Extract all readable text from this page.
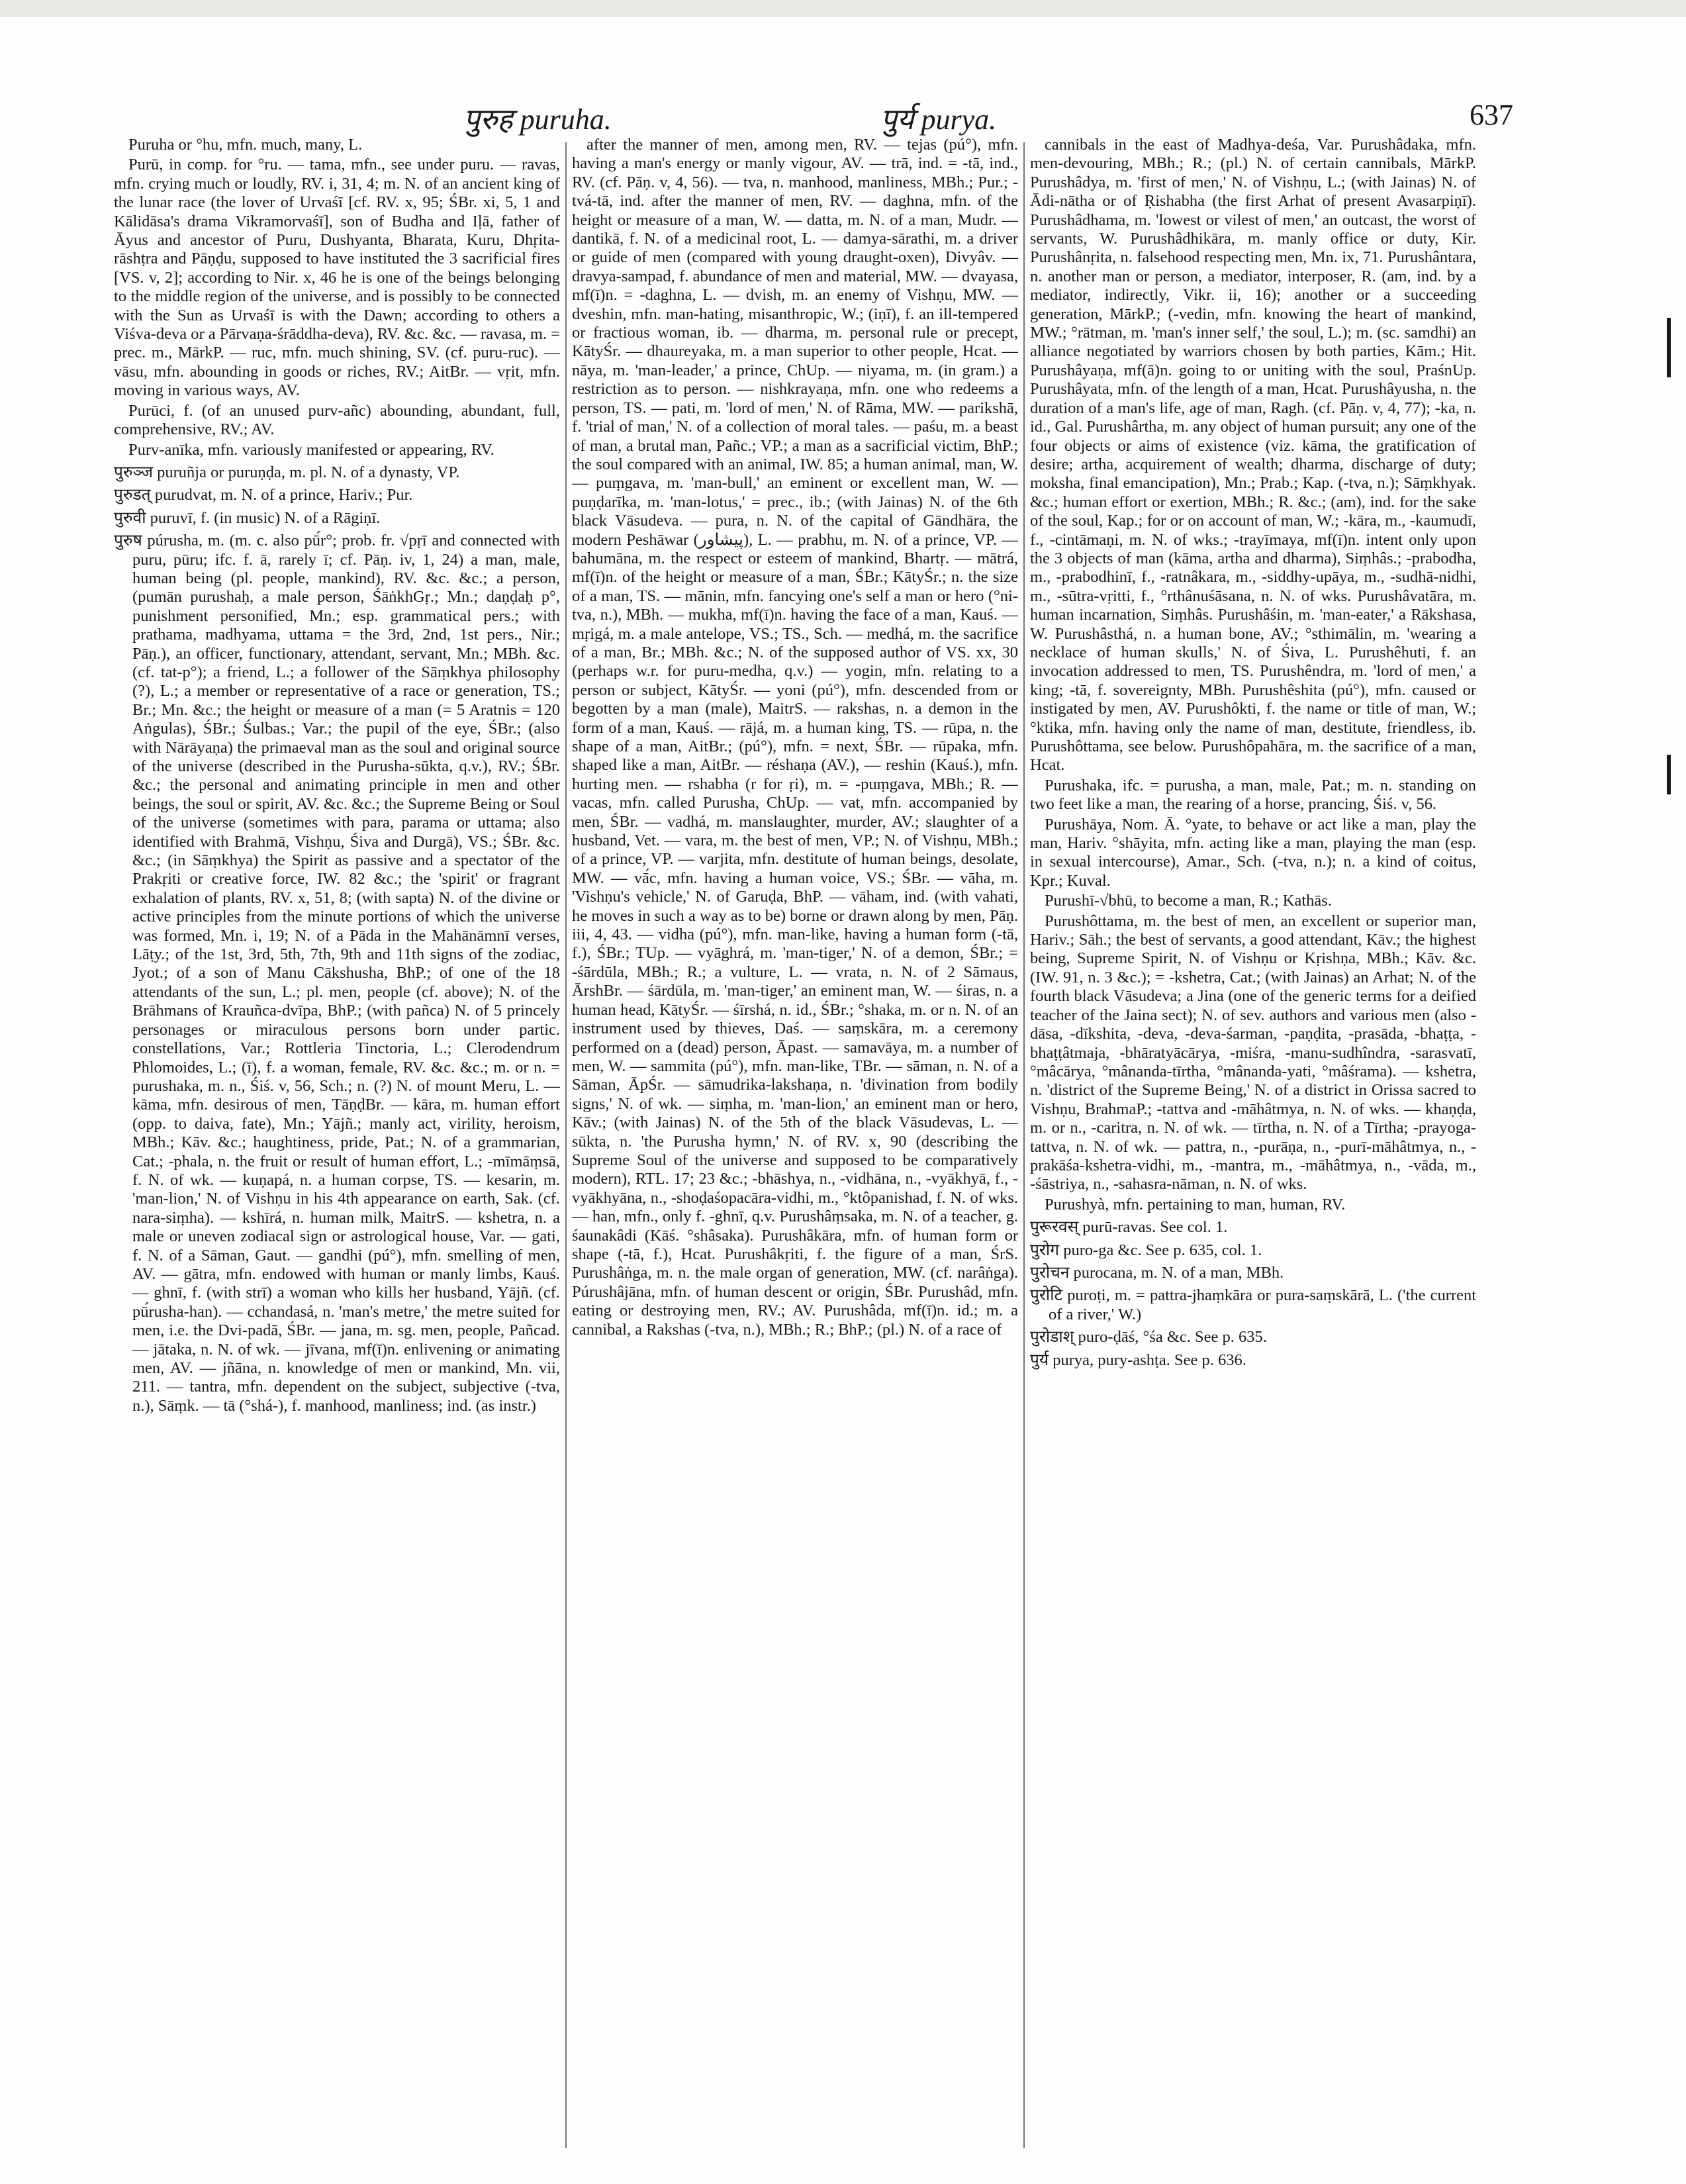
पुरुह puruha.	पुर्य purya.	637

Puruha or °hu, mfn. much, many, L.

Purū, in comp. for °ru. — tama, mfn., see under puru. — ravas, mfn. crying much or loudly, RV. i, 31, 4; m. N. of an ancient king of the lunar race (the lover of Urvaśī [cf. RV. x, 95; ŚBr. xi, 5, 1 and Kālidāsa's drama Vikramorvaśī], son of Budha and Iḷā, father of Āyus and ancestor of Puru, Dushyanta, Bharata, Kuru, Dhṛita-rāshṭra and Pāṇḍu, supposed to have instituted the 3 sacrificial fires [VS. v, 2]; according to Nir. x, 46 he is one of the beings belonging to the middle region of the universe, and is possibly to be connected with the Sun as Urvaśī is with the Dawn; according to others a Viśva-deva or a Pārvaṇa-śrāddha-deva), RV. &c. &c. — ravasa, m. = prec. m., MārkP. — ruc, mfn. much shining, SV. (cf. puru-ruc). — vāsu, mfn. abounding in goods or riches, RV.; AitBr. — vṛit, mfn. moving in various ways, AV.

Purūci, f. (of an unused purv-añc) abounding, abundant, full, comprehensive, RV.; AV.

Purv-anīka, mfn. variously manifested or appearing, RV.

पुरुञ्ज puruñja or puruṇḍa, m. pl. N. of a dynasty, VP.

पुरुडत् purudvat, m. N. of a prince, Hariv.; Pur.

पुरुवी puruvī, f. (in music) N. of a Rāgiṇī.

पुरुष púrusha, m. (m. c. also pū́r°; prob. fr. √pṛī and connected with puru, pūru; ifc. f. ā, rarely ī; cf. Pāṇ. iv, 1, 24) a man, male, human being (pl. people, mankind), RV. &c. &c.; a person, (pumān purushaḥ, a male person, ŚāṅkhGṛ.; Mn.; daṇḍaḥ p°, punishment personified, Mn.; esp. grammatical pers.; with prathama, madhyama, uttama = the 3rd, 2nd, 1st pers., Nir.; Pāṇ.), an officer, functionary, attendant, servant, Mn.; MBh. &c. (cf. tat-p°); a friend, L.; a follower of the Sāṃkhya philosophy (?), L.; a member or representative of a race or generation, TS.; Br.; Mn. &c.; the height or measure of a man (= 5 Aratnis = 120 Aṅgulas), ŚBr.; Śulbas.; Var.; the pupil of the eye, ŚBr.; (also with Nārāyaṇa) the primaeval man as the soul and original source of the universe (described in the Purusha-sūkta, q.v.), RV.; ŚBr. &c.; the personal and animating principle in men and other beings, the soul or spirit, AV. &c. &c.; the Supreme Being or Soul of the universe (sometimes with para, parama or uttama; also identified with Brahmā, Vishṇu, Śiva and Durgā), VS.; ŚBr. &c. &c.; (in Sāṃkhya) the Spirit as passive and a spectator of the Prakṛiti or creative force, IW. 82 &c.; the 'spirit' or fragrant exhalation of plants, RV. x, 51, 8; (with sapta) N. of the divine or active principles from the minute portions of which the universe was formed, Mn. i, 19; N. of a Pāda in the Mahānāmnī verses, Lāṭy.; of the 1st, 3rd, 5th, 7th, 9th and 11th signs of the zodiac, Jyot.; of a son of Manu Cākshusha, BhP.; of one of the 18 attendants of the sun, L.; pl. men, people (cf. above); N. of the Brāhmans of Krauñca-dvīpa, BhP.; (with pañca) N. of 5 princely personages or miraculous persons born under partic. constellations, Var.; Rottleria Tinctoria, L.; Clerodendrum Phlomoides, L.; (ī), f. a woman, female, RV. &c. &c.; m. or n. = purushaka, m. n., Śiś. v, 56, Sch.; n. (?) N. of mount Meru, L. — kāma, mfn. desirous of men, TāṇḍBr. — kāra, m. human effort (opp. to daiva, fate), Mn.; Yājñ.; manly act, virility, heroism, MBh.; Kāv. &c.; haughtiness, pride, Pat.; N. of a grammarian, Cat.; -phala, n. the fruit or result of human effort, L.; -mīmāṃsā, f. N. of wk. — kuṇapá, n. a human corpse, TS. — kesarin, m. 'man-lion,' N. of Vishṇu in his 4th appearance on earth, Sak. (cf. nara-siṃha). — kshīrá, n. human milk, MaitrS. — kshetra, n. a male or uneven zodiacal sign or astrological house, Var. — gati, f. N. of a Sāman, Gaut. — gandhi (pú°), mfn. smelling of men, AV. — gātra, mfn. endowed with human or manly limbs, Kauś. — ghnī, f. (with strī) a woman who kills her husband, Yājñ. (cf. pū́rusha-han). — cchandasá, n. 'man's metre,' the metre suited for men, i.e. the Dvi-padā, ŚBr. — jana, m. sg. men, people, Pañcad. — jātaka, n. N. of wk. — jīvana, mf(ī)n. enlivening or animating men, AV. — jñāna, n. knowledge of men or mankind, Mn. vii, 211. — tantra, mfn. dependent on the subject, subjective (-tva, n.), Sāṃk. — tā (°shá-), f. manhood, manliness; ind. (as instr.)

after the manner of men, among men, RV. — tejas (pú°), mfn. having a man's energy or manly vigour, AV. — trā, ind. = -tā, ind., RV. (cf. Pāṇ. v, 4, 56). — tva, n. manhood, manliness, MBh.; Pur.; -tvá-tā, ind. after the manner of men, RV. — daghna, mfn. of the height or measure of a man, W. — datta, m. N. of a man, Mudr. — dantikā, f. N. of a medicinal root, L. — damya-sārathi, m. a driver or guide of men (compared with young draught-oxen), Divyâv. — dravya-sampad, f. abundance of men and material, MW. — dvayasa, mf(ī)n. = -daghna, L. — dvish, m. an enemy of Vishṇu, MW. — dveshin, mfn. man-hating, misanthropic, W.; (iṇī), f. an ill-tempered or fractious woman, ib. — dharma, m. personal rule or precept, KātyŚr. — dhaureyaka, m. a man superior to other people, Hcat. — nāya, m. 'man-leader,' a prince, ChUp. — niyama, m. (in gram.) a restriction as to person. — nishkrayaṇa, mfn. one who redeems a person, TS. — pati, m. 'lord of men,' N. of Rāma, MW. — parikshā, f. 'trial of man,' N. of a collection of moral tales. — paśu, m. a beast of man, a brutal man, Pañc.; VP.; a man as a sacrificial victim, BhP.; the soul compared with an animal, IW. 85; a human animal, man, W. — puṃgava, m. 'man-bull,' an eminent or excellent man, W. — puṇḍarīka, m. 'man-lotus,' = prec., ib.; (with Jainas) N. of the 6th black Vāsudeva. — pura, n. N. of the capital of Gāndhāra, the modern Peshāwar (پیشاور), L. — prabhu, m. N. of a prince, VP. — bahumāna, m. the respect or esteem of mankind, Bhartṛ. — mātrá, mf(ī)n. of the height or measure of a man, ŚBr.; KātyŚr.; n. the size of a man, TS. — mānin, mfn. fancying one's self a man or hero (°ni-tva, n.), MBh. — mukha, mf(ī)n. having the face of a man, Kauś. — mṛigá, m. a male antelope, VS.; TS., Sch. — medhá, m. the sacrifice of a man, Br.; MBh. &c.; N. of the supposed author of VS. xx, 30 (perhaps w.r. for puru-medha, q.v.) — yogin, mfn. relating to a person or subject, KātyŚr. — yoni (pú°), mfn. descended from or begotten by a man (male), MaitrS. — rakshas, n. a demon in the form of a man, Kauś. — rājá, m. a human king, TS. — rūpa, n. the shape of a man, AitBr.; (pú°), mfn. = next, ŚBr. — rūpaka, mfn. shaped like a man, AitBr. — réshaṇa (AV.), — reshin (Kauś.), mfn. hurting men. — rshabha (r for ṛi), m. = -puṃgava, MBh.; R. — vacas, mfn. called Purusha, ChUp. — vat, mfn. accompanied by men, ŚBr. — vadhá, m. manslaughter, murder, AV.; slaughter of a husband, Vet. — vara, m. the best of men, VP.; N. of Vishṇu, MBh.; of a prince, VP. — varjita, mfn. destitute of human beings, desolate, MW. — vā́c, mfn. having a human voice, VS.; ŚBr. — vāha, m. 'Vishṇu's vehicle,' N. of Garuḍa, BhP. — vāham, ind. (with vahati, he moves in such a way as to be) borne or drawn along by men, Pāṇ. iii, 4, 43. — vidha (pú°), mfn. man-like, having a human form (-tā, f.), ŚBr.; TUp. — vyāghrá, m. 'man-tiger,' N. of a demon, ŚBr.; = -śārdūla, MBh.; R.; a vulture, L. — vrata, n. N. of 2 Sāmaus, ĀrshBr. — śārdūla, m. 'man-tiger,' an eminent man, W. — śiras, n. a human head, KātyŚr. — śīrshá, n. id., ŚBr.; °shaka, m. or n. N. of an instrument used by thieves, Daś. — saṃskāra, m. a ceremony performed on a (dead) person, Āpast. — samavāya, m. a number of men, W. — sammita (pú°), mfn. man-like, TBr. — sāman, n. N. of a Sāman, ĀpŚr. — sāmudrika-lakshaṇa, n. 'divination from bodily signs,' N. of wk. — siṃha, m. 'man-lion,' an eminent man or hero, Kāv.; (with Jainas) N. of the 5th of the black Vāsudevas, L. — sūkta, n. 'the Purusha hymn,' N. of RV. x, 90 (describing the Supreme Soul of the universe and supposed to be comparatively modern), RTL. 17; 23 &c.; -bhāshya, n., -vidhāna, n., -vyākhyā, f., -vyākhyāna, n., -shoḍaśopacāra-vidhi, m., °ktôpanishad, f. N. of wks. — han, mfn., only f. -ghnī, q.v. Purushâṃsaka, m. N. of a teacher, g. śaunakâdi (Kāś. °shâsaka). Purushâkāra, mfn. of human form or shape (-tā, f.), Hcat. Purushâkṛiti, f. the figure of a man, ŚrS. Purushâṅga, m. n. the male organ of generation, MW. (cf. narâṅga). Púrushâjāna, mfn. of human descent or origin, ŚBr. Purushâd, mfn. eating or destroying men, RV.; AV. Purushâda, mf(ī)n. id.; m. a cannibal, a Rakshas (-tva, n.), MBh.; R.; BhP.; (pl.) N. of a race of

cannibals in the east of Madhya-deśa, Var. Purushâdaka, mfn. men-devouring, MBh.; R.; (pl.) N. of certain cannibals, MārkP. Purushâdya, m. 'first of men,' N. of Vishṇu, L.; (with Jainas) N. of Ādi-nātha or of Ṛishabha (the first Arhat of present Avasarpiṇī). Purushâdhama, m. 'lowest or vilest of men,' an outcast, the worst of servants, W. Purushâdhikāra, m. manly office or duty, Kir. Purushânṛita, n. falsehood respecting men, Mn. ix, 71. Purushântara, n. another man or person, a mediator, interposer, R. (am, ind. by a mediator, indirectly, Vikr. ii, 16); another or a succeeding generation, MārkP.; (-vedin, mfn. knowing the heart of mankind, MW.; °rātman, m. 'man's inner self,' the soul, L.); m. (sc. samdhi) an alliance negotiated by warriors chosen by both parties, Kām.; Hit. Purushâyaṇa, mf(ā)n. going to or uniting with the soul, PraśnUp. Purushâyata, mfn. of the length of a man, Hcat. Purushâyusha, n. the duration of a man's life, age of man, Ragh. (cf. Pāṇ. v, 4, 77); -ka, n. id., Gal. Purushârtha, m. any object of human pursuit; any one of the four objects or aims of existence (viz. kāma, the gratification of desire; artha, acquirement of wealth; dharma, discharge of duty; moksha, final emancipation), Mn.; Prab.; Kap. (-tva, n.); Sāṃkhyak. &c.; human effort or exertion, MBh.; R. &c.; (am), ind. for the sake of the soul, Kap.; for or on account of man, W.; -kāra, m., -kaumudī, f., -cintāmaṇi, m. N. of wks.; -trayīmaya, mf(ī)n. intent only upon the 3 objects of man (kāma, artha and dharma), Siṃhâs.; -prabodha, m., -prabodhinī, f., -ratnâkara, m., -siddhy-upāya, m., -sudhā-nidhi, m., -sūtra-vṛitti, f., °rthânuśāsana, n. N. of wks. Purushâvatāra, m. human incarnation, Siṃhâs. Purushâśin, m. 'man-eater,' a Rākshasa, W. Purushâsthá, n. a human bone, AV.; °sthimālin, m. 'wearing a necklace of human skulls,' N. of Śiva, L. Purushêhuti, f. an invocation addressed to men, TS. Purushêndra, m. 'lord of men,' a king; -tā, f. sovereignty, MBh. Purushêshita (pú°), mfn. caused or instigated by men, AV. Purushôkti, f. the name or title of man, W.; °ktika, mfn. having only the name of man, destitute, friendless, ib. Purushôttama, see below. Purushôpahāra, m. the sacrifice of a man, Hcat.

Purushaka, ifc. = purusha, a man, male, Pat.; m. n. standing on two feet like a man, the rearing of a horse, prancing, Śiś. v, 56.

Purushāya, Nom. Ā. °yate, to behave or act like a man, play the man, Hariv. °shāyita, mfn. acting like a man, playing the man (esp. in sexual intercourse), Amar., Sch. (-tva, n.); n. a kind of coitus, Kpr.; Kuval.

Purushī-√bhū, to become a man, R.; Kathās.

Purushôttama, m. the best of men, an excellent or superior man, Hariv.; Sāh.; the best of servants, a good attendant, Kāv.; the highest being, Supreme Spirit, N. of Vishṇu or Kṛishṇa, MBh.; Kāv. &c. (IW. 91, n. 3 &c.); = -kshetra, Cat.; (with Jainas) an Arhat; N. of the fourth black Vāsudeva; a Jina (one of the generic terms for a deified teacher of the Jaina sect); N. of sev. authors and various men (also -dāsa, -dīkshita, -deva, -deva-śarman, -paṇḍita, -prasāda, -bhaṭṭa, -bhaṭṭâtmaja, -bhāratyācārya, -miśra, -manu-sudhîndra, -sarasvatī, °mâcārya, °mânanda-tīrtha, °mânanda-yati, °mâśrama). — kshetra, n. 'district of the Supreme Being,' N. of a district in Orissa sacred to Vishṇu, BrahmaP.; -tattva and -māhâtmya, n. N. of wks. — khaṇḍa, m. or n., -caritra, n. N. of wk. — tīrtha, n. N. of a Tīrtha; -prayoga-tattva, n. N. of wk. — pattra, n., -purāṇa, n., -purī-māhâtmya, n., -prakāśa-kshetra-vidhi, m., -mantra, m., -māhâtmya, n., -vāda, m., -śāstriya, n., -sahasra-nāman, n. N. of wks.

Purushyà, mfn. pertaining to man, human, RV.

पुरूरवस् purū-ravas. See col. 1.

पुरोग puro-ga &c. See p. 635, col. 1.

पुरोचन purocana, m. N. of a man, MBh.

पुरोटि puroṭi, m. = pattra-jhaṃkāra or pura-saṃskārā, L. ('the current of a river,' W.)

पुरोडाश् puro-ḍāś, °śa &c. See p. 635.

पुर्य purya, pury-ashṭa. See p. 636.
